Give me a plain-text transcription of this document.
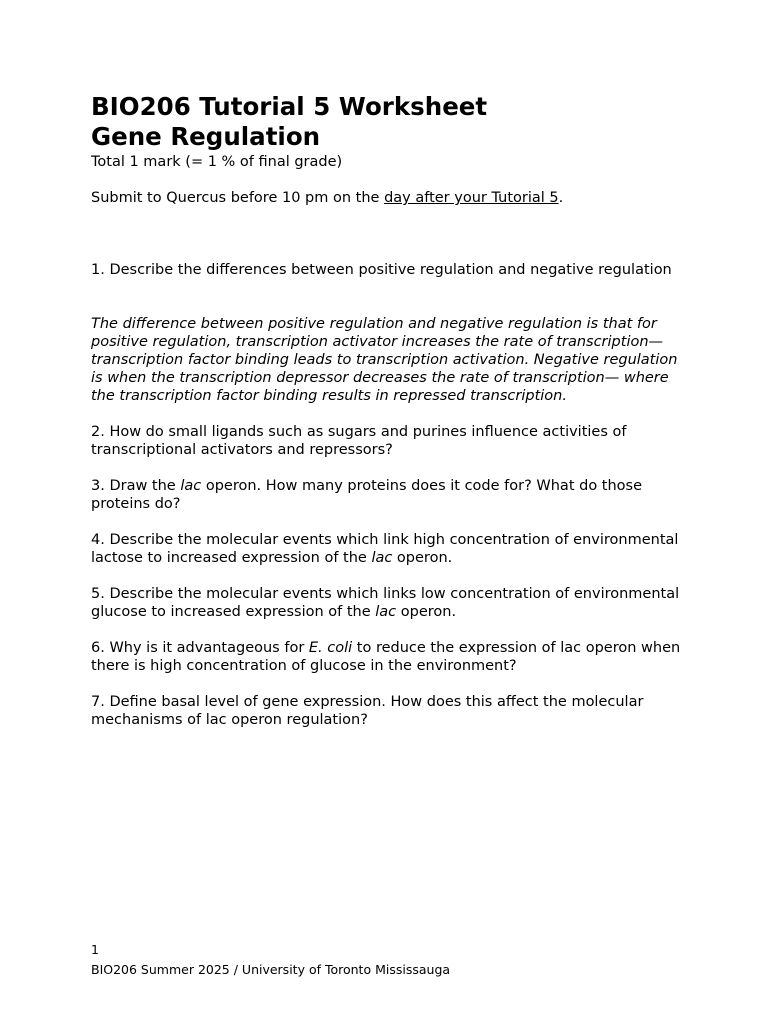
BIO206 Tutorial 5 Worksheet
Gene Regulation

Total 1 mark (= 1 % of final grade)

Submit to Quercus before 10 pm on the day after your Tutorial 5.

1. Describe the differences between positive regulation and negative regulation

The difference between positive regulation and negative regulation is that for positive regulation, transcription activator increases the rate of transcription— transcription factor binding leads to transcription activation. Negative regulation is when the transcription depressor decreases the rate of transcription— where the transcription factor binding results in repressed transcription.

2. How do small ligands such as sugars and purines influence activities of transcriptional activators and repressors?

3. Draw the lac operon. How many proteins does it code for? What do those proteins do?

4. Describe the molecular events which link high concentration of environmental lactose to increased expression of the lac operon.

5. Describe the molecular events which links low concentration of environmental glucose to increased expression of the lac operon.

6. Why is it advantageous for E. coli to reduce the expression of lac operon when there is high concentration of glucose in the environment?

7. Define basal level of gene expression. How does this affect the molecular mechanisms of lac operon regulation?

1
BIO206 Summer 2025 / University of Toronto Mississauga
